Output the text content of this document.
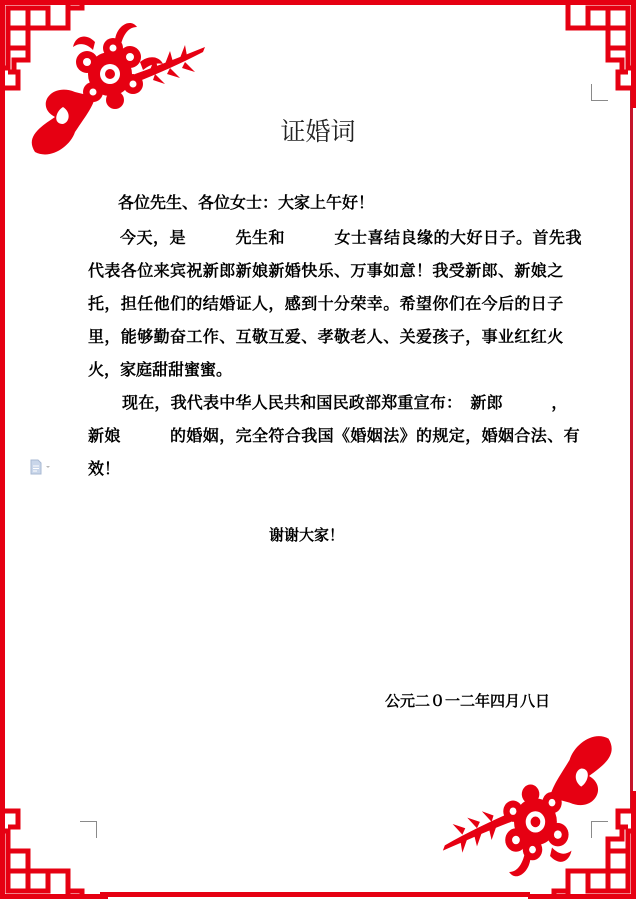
证婚词
各位先生、各位女士：大家上午好！
今天，是　　　先生和　　　女士喜结良缘的大好日子。首先我
代表各位来宾祝新郎新娘新婚快乐、万事如意！我受新郎、新娘之
托，担任他们的结婚证人，感到十分荣幸。希望你们在今后的日子
里，能够勤奋工作、互敬互爱、孝敬老人、关爱孩子，事业红红火
火，家庭甜甜蜜蜜。
现在，我代表中华人民共和国民政部郑重宣布：　新郎　　　，
新娘　　　的婚姻，完全符合我国《婚姻法》的规定，婚姻合法、有
效！
谢谢大家！
公元二０一二年四月八日
